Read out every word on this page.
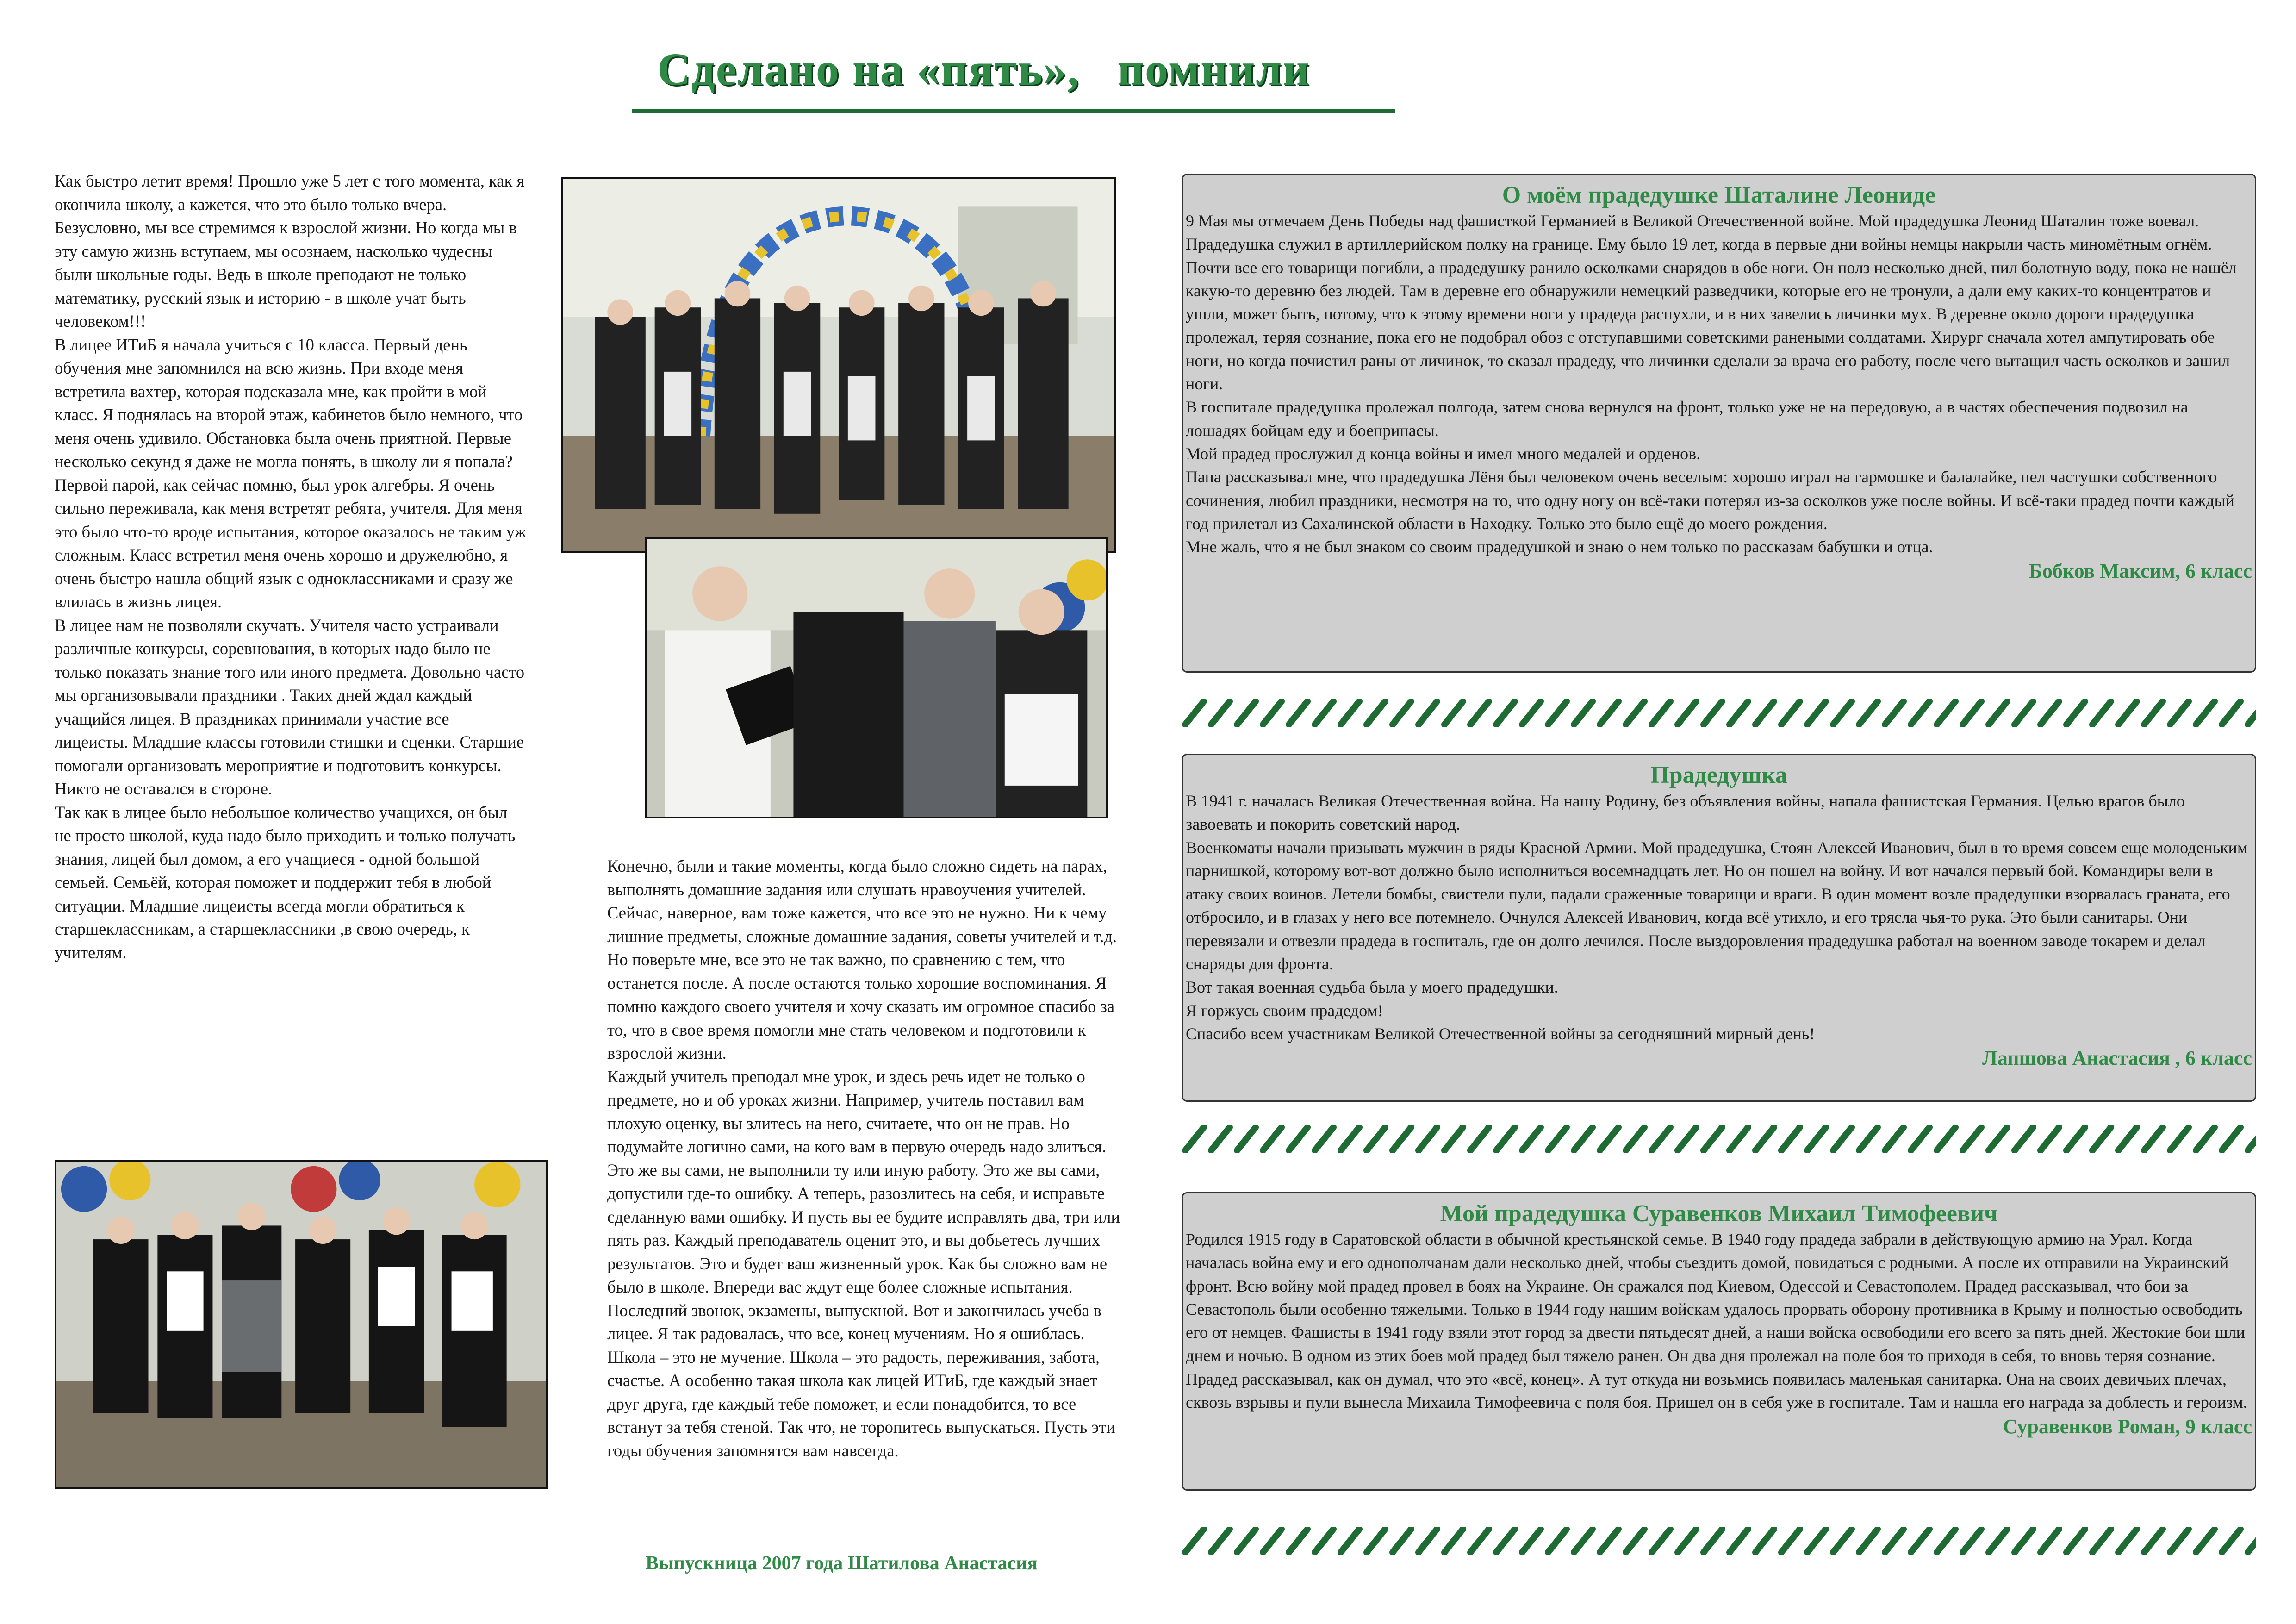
Сделано на «пять»,   помнили

Как быстро летит время! Прошло уже 5 лет с того момента, как я окончила школу, а кажется, что это было только вчера. Безусловно, мы все стремимся к взрослой жизни. Но когда мы в эту самую жизнь вступаем, мы осознаем, насколько чудесны были школьные годы. Ведь в школе преподают не только математику, русский язык и историю - в школе учат быть человеком!!!

В лицее ИТиБ я начала учиться с 10 класса. Первый день обучения мне запомнился на всю жизнь. При входе меня встретила вахтер, которая подсказала мне, как пройти в мой класс. Я поднялась на второй этаж, кабинетов было немного, что меня очень удивило. Обстановка была очень приятной. Первые несколько секунд я даже не могла понять, в школу ли я попала? Первой парой, как сейчас помню, был урок алгебры. Я очень сильно переживала, как меня встретят ребята, учителя. Для меня это было что-то вроде испытания, которое оказалось не таким уж сложным. Класс встретил меня очень хорошо и дружелюбно, я очень быстро нашла общий язык с одноклассниками и сразу же влилась в жизнь лицея.

В лицее нам не позволяли скучать. Учителя часто устраивали различные конкурсы, соревнования, в которых надо было не только показать знание того или иного предмета. Довольно часто мы организовывали праздники . Таких дней ждал каждый учащийся лицея. В праздниках принимали участие все лицеисты. Младшие классы готовили стишки и сценки. Старшие помогали организовать мероприятие и подготовить конкурсы. Никто не оставался в стороне.

Так как в лицее было небольшое количество учащихся, он был не просто школой, куда надо было приходить и только получать знания, лицей был домом, а его учащиеся - одной большой семьей. Семьёй, которая поможет и поддержит тебя в любой ситуации. Младшие лицеисты всегда могли обратиться к старшеклассникам, а старшеклассники ,в свою очередь, к учителям.

Конечно, были и такие моменты, когда было сложно сидеть на парах, выполнять домашние задания или слушать нравоучения учителей. Сейчас, наверное, вам тоже кажется, что все это не нужно. Ни к чему лишние предметы, сложные домашние задания, советы учителей и т.д. Но поверьте мне, все это не так важно, по сравнению с тем, что останется после. А после остаются только хорошие воспоминания. Я помню каждого своего учителя и хочу сказать им огромное спасибо за то, что в свое время помогли мне стать человеком и подготовили к взрослой жизни.

Каждый учитель преподал мне урок, и здесь речь идет не только о предмете, но и об уроках жизни. Например, учитель поставил вам плохую оценку, вы злитесь на него, считаете, что он не прав. Но подумайте логично сами, на кого вам в первую очередь надо злиться. Это же вы сами, не выполнили ту или иную работу. Это же вы сами, допустили где-то ошибку. А теперь, разозлитесь на себя, и исправьте сделанную вами ошибку. И пусть вы ее будите исправлять два, три или пять раз. Каждый преподаватель оценит это, и вы добьетесь лучших результатов. Это и будет ваш жизненный урок. Как бы сложно вам не было в школе. Впереди вас ждут еще более сложные испытания. Последний звонок, экзамены, выпускной. Вот и закончилась учеба в лицее. Я так радовалась, что все, конец мучениям. Но я ошиблась. Школа – это не мучение. Школа – это радость, переживания, забота, счастье. А особенно такая школа как лицей ИТиБ, где каждый знает друг друга, где каждый тебе поможет, и если понадобится, то все встанут за тебя стеной. Так что, не торопитесь выпускаться. Пусть эти годы обучения запомнятся вам навсегда.

Выпускница 2007 года Шатилова Анастасия
О моём прадедушке Шаталине Леониде

9 Мая мы отмечаем День Победы над фашисткой Германией в Великой Отечественной войне. Мой прадедушка Леонид Шаталин тоже воевал.

Прадедушка служил в артиллерийском полку на границе. Ему было 19 лет, когда в первые дни войны немцы накрыли часть миномётным огнём. Почти все его товарищи погибли, а прадедушку ранило осколками снарядов в обе ноги. Он полз несколько дней, пил болотную воду, пока не нашёл какую-то деревню без людей. Там в деревне его обнаружили немецкий разведчики, которые его не тронули, а дали ему каких-то концентратов и ушли, может быть, потому, что к этому времени ноги у прадеда распухли, и в них завелись личинки мух. В деревне около дороги прадедушка пролежал, теряя сознание, пока его не подобрал обоз с отступавшими советскими ранеными солдатами. Хирург сначала хотел ампутировать обе ноги, но когда почистил раны от личинок, то сказал прадеду, что личинки сделали за врача его работу, после чего вытащил часть осколков и зашил ноги.

В госпитале прадедушка пролежал полгода, затем снова вернулся на фронт, только уже не на передовую, а в частях обеспечения подвозил на лошадях бойцам еду и боеприпасы.

Мой прадед прослужил д конца войны и имел много медалей и орденов.

Папа рассказывал мне, что прадедушка Лёня был человеком очень веселым: хорошо играл на гармошке и балалайке, пел частушки собственного сочинения, любил праздники, несмотря на то, что одну ногу он всё-таки потерял из-за осколков уже после войны. И всё-таки прадед почти каждый год прилетал из Сахалинской области в Находку. Только это было ещё до моего рождения.

Мне жаль, что я не был знаком со своим прадедушкой и знаю о нем только по рассказам бабушки и отца.

Бобков Максим, 6 класс
Прадедушка

В 1941 г. началась Великая Отечественная война. На нашу Родину, без объявления войны, напала фашистская Германия. Целью врагов было завоевать и покорить советский народ.

Военкоматы начали призывать мужчин в ряды Красной Армии. Мой прадедушка, Стоян Алексей Иванович, был в то время совсем еще молоденьким парнишкой, которому вот-вот должно было исполниться восемнадцать лет. Но он пошел на войну. И вот начался первый бой. Командиры вели в атаку своих воинов. Летели бомбы, свистели пули, падали сраженные товарищи и враги. В один момент возле прадедушки взорвалась граната, его отбросило, и в глазах у него все потемнело. Очнулся Алексей Иванович, когда всё утихло, и его трясла чья-то рука. Это были санитары. Они перевязали и отвезли прадеда в госпиталь, где он долго лечился. После выздоровления прадедушка работал на военном заводе токарем и делал снаряды для фронта.

Вот такая военная судьба была у моего прадедушки.

Я горжусь своим прадедом!

Спасибо всем участникам Великой Отечественной войны за сегодняшний мирный день!

Лапшова Анастасия , 6 класс
Мой прадедушка Суравенков Михаил Тимофеевич

Родился 1915 году в Саратовской области в обычной крестьянской семье. В 1940 году прадеда забрали в действующую армию на Урал. Когда началась война ему и его однополчанам дали несколько дней, чтобы съездить домой, повидаться с родными. А после их отправили на Украинский фронт. Всю войну мой прадед провел в боях на Украине. Он сражался под Киевом, Одессой и Севастополем. Прадед рассказывал, что бои за Севастополь были особенно тяжелыми. Только в 1944 году нашим войскам удалось прорвать оборону противника в Крыму и полностью освободить его от немцев. Фашисты в 1941 году взяли этот город за двести пятьдесят дней, а наши войска освободили его всего за пять дней. Жестокие бои шли днем и ночью. В одном из этих боев мой прадед был тяжело ранен. Он два дня пролежал на поле боя то приходя в себя, то вновь теряя сознание. Прадед рассказывал, как он думал, что это «всё, конец». А тут откуда ни возьмись появилась маленькая санитарка. Она на своих девичьих плечах, сквозь взрывы и пули вынесла Михаила Тимофеевича с поля боя. Пришел он в себя уже в госпитале. Там и нашла его награда за доблесть и героизм.

Суравенков Роман, 9 класс
